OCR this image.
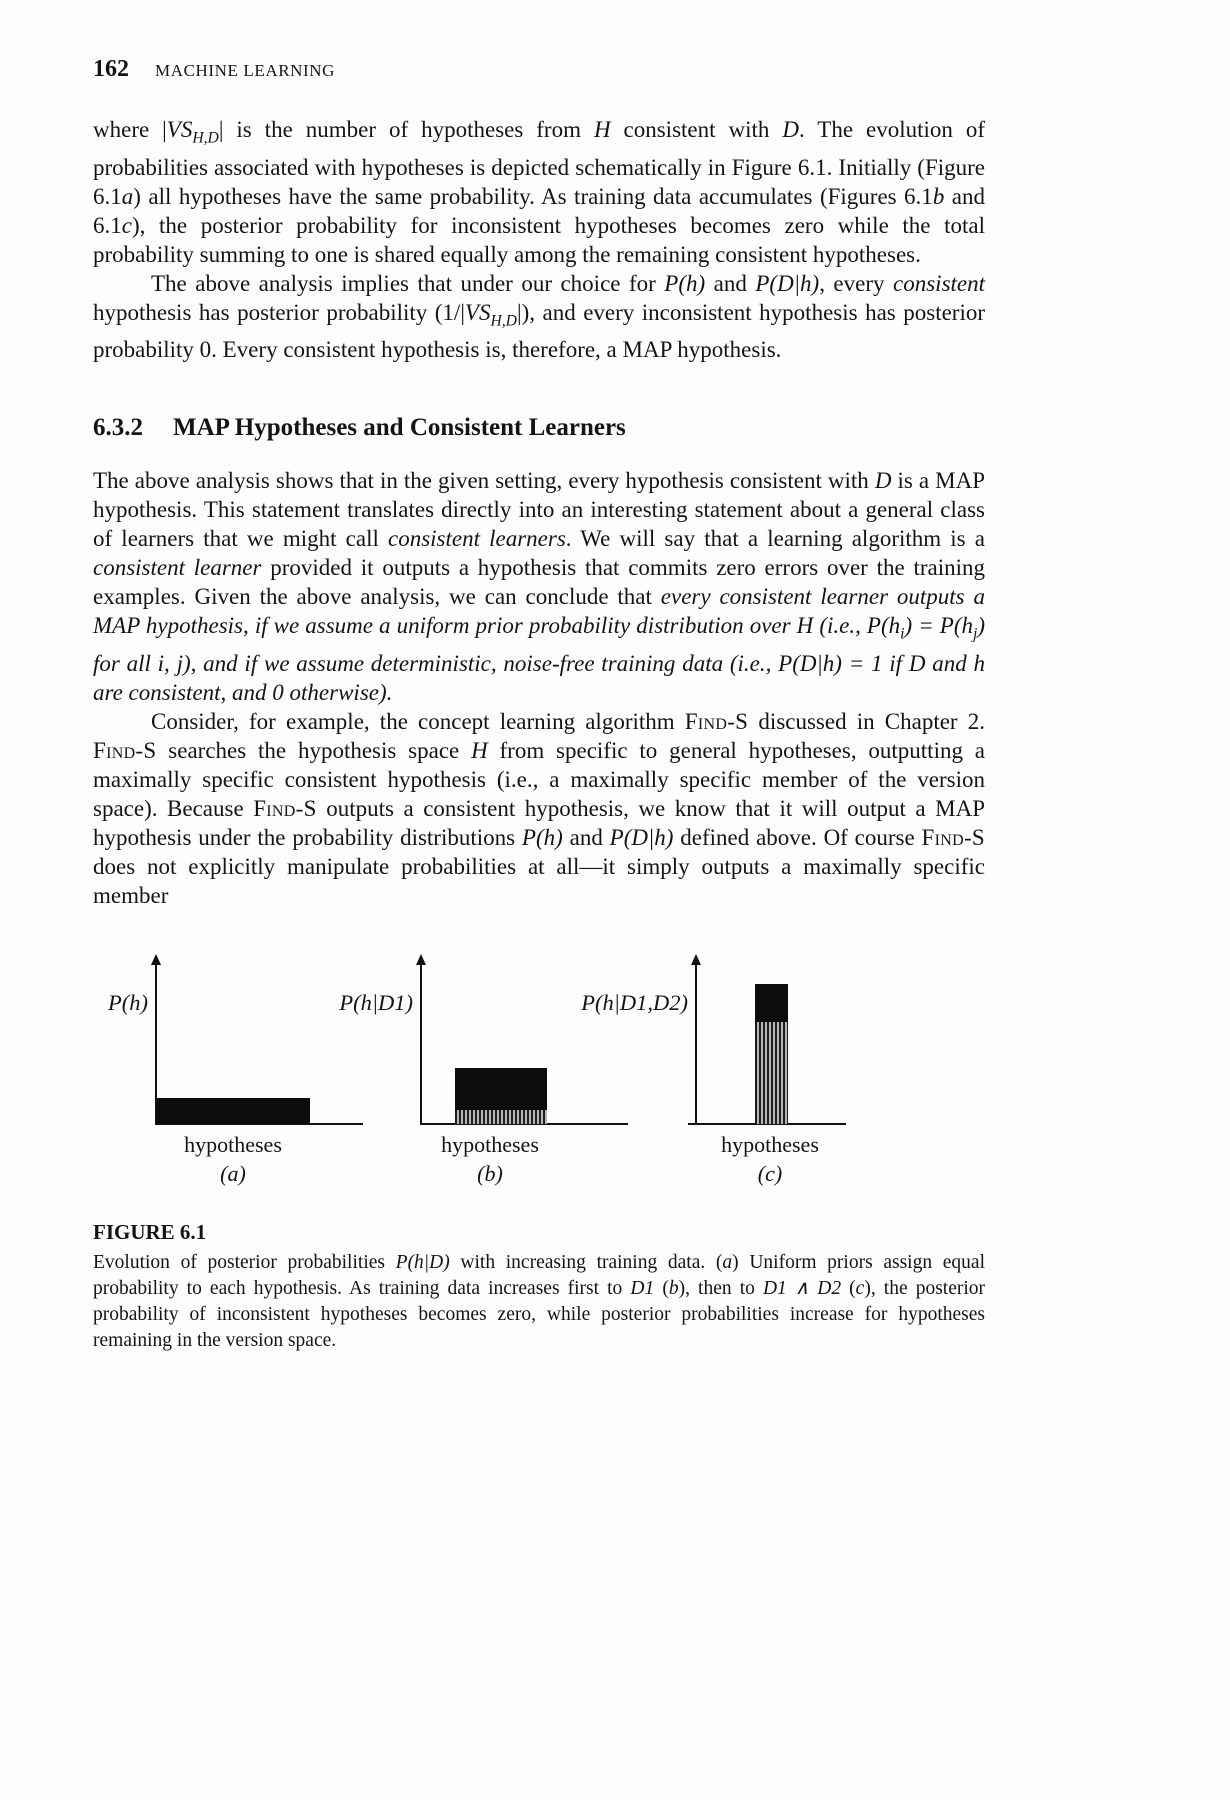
162 MACHINE LEARNING

where $|VS_{H,D}|$ is the number of hypotheses from H consistent with D. The evolution of probabilities associated with hypotheses is depicted schematically in Figure 6.1. Initially (Figure 6.1a) all hypotheses have the same probability. As training data accumulates (Figures 6.1b and 6.1c), the posterior probability for inconsistent hypotheses becomes zero while the total probability summing to one is shared equally among the remaining consistent hypotheses.

The above analysis implies that under our choice for P(h) and P(D|h), every consistent hypothesis has posterior probability $(1/|VS_{H,D}|)$, and every inconsistent hypothesis has posterior probability 0. Every consistent hypothesis is, therefore, a MAP hypothesis.

6.3.2 MAP Hypotheses and Consistent Learners

The above analysis shows that in the given setting, every hypothesis consistent with D is a MAP hypothesis. This statement translates directly into an interesting statement about a general class of learners that we might call consistent learners. We will say that a learning algorithm is a consistent learner provided it outputs a hypothesis that commits zero errors over the training examples. Given the above analysis, we can conclude that every consistent learner outputs a MAP hypothesis, if we assume a uniform prior probability distribution over H (i.e., $P(h_i) = P(h_j)$ for all i, j), and if we assume deterministic, noise-free training data (i.e., P(D|h) = 1 if D and h are consistent, and 0 otherwise).

Consider, for example, the concept learning algorithm Find-S discussed in Chapter 2. Find-S searches the hypothesis space H from specific to general hypotheses, outputting a maximally specific consistent hypothesis (i.e., a maximally specific member of the version space). Because Find-S outputs a consistent hypothesis, we know that it will output a MAP hypothesis under the probability distributions P(h) and P(D|h) defined above. Of course Find-S does not explicitly manipulate probabilities at all—it simply outputs a maximally specific member

P(h)
hypotheses
(a)
P(h|D1)
hypotheses
(b)
P(h|D1,D2)
hypotheses
(c)
FIGURE 6.1
Evolution of posterior probabilities P(h|D) with increasing training data. (a) Uniform priors assign equal probability to each hypothesis. As training data increases first to D1 (b), then to D1 ∧ D2 (c), the posterior probability of inconsistent hypotheses becomes zero, while posterior probabilities increase for hypotheses remaining in the version space.
